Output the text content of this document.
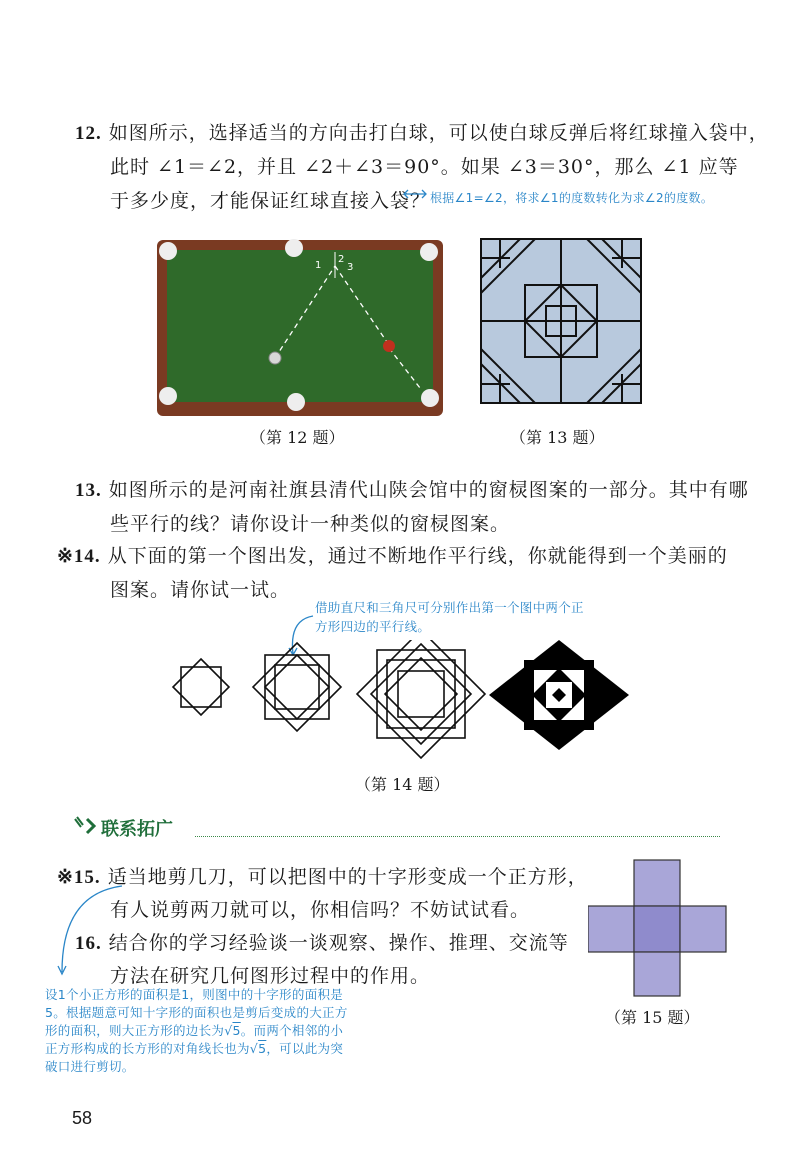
12. 如图所示，选择适当的方向击打白球，可以使白球反弹后将红球撞入袋中，
此时 ∠1＝∠2，并且 ∠2＋∠3＝90°。如果 ∠3＝30°，那么 ∠1 应等
于多少度，才能保证红球直接入袋？ 根据∠1=∠2，将求∠1的度数转化为求∠2的度数。
1
2
3
（第 12 题）	（第 13 题）
13. 如图所示的是河南社旗县清代山陕会馆中的窗棂图案的一部分。其中有哪
些平行的线？请你设计一种类似的窗棂图案。
※14. 从下面的第一个图出发，通过不断地作平行线，你就能得到一个美丽的
图案。请你试一试。
借助直尺和三角尺可分别作出第一个图中两个正
方形四边的平行线。
（第 14 题）
联系拓广
※15. 适当地剪几刀，可以把图中的十字形变成一个正方形，
有人说剪两刀就可以，你相信吗？不妨试试看。
16. 结合你的学习经验谈一谈观察、操作、推理、交流等
方法在研究几何图形过程中的作用。
设1个小正方形的面积是1，则图中的十字形的面积是
5。根据题意可知十字形的面积也是剪后变成的大正方
形的面积，则大正方形的边长为√5。而两个相邻的小
正方形构成的长方形的对角线长也为√5，可以此为突
破口进行剪切。
（第 15 题）
58
